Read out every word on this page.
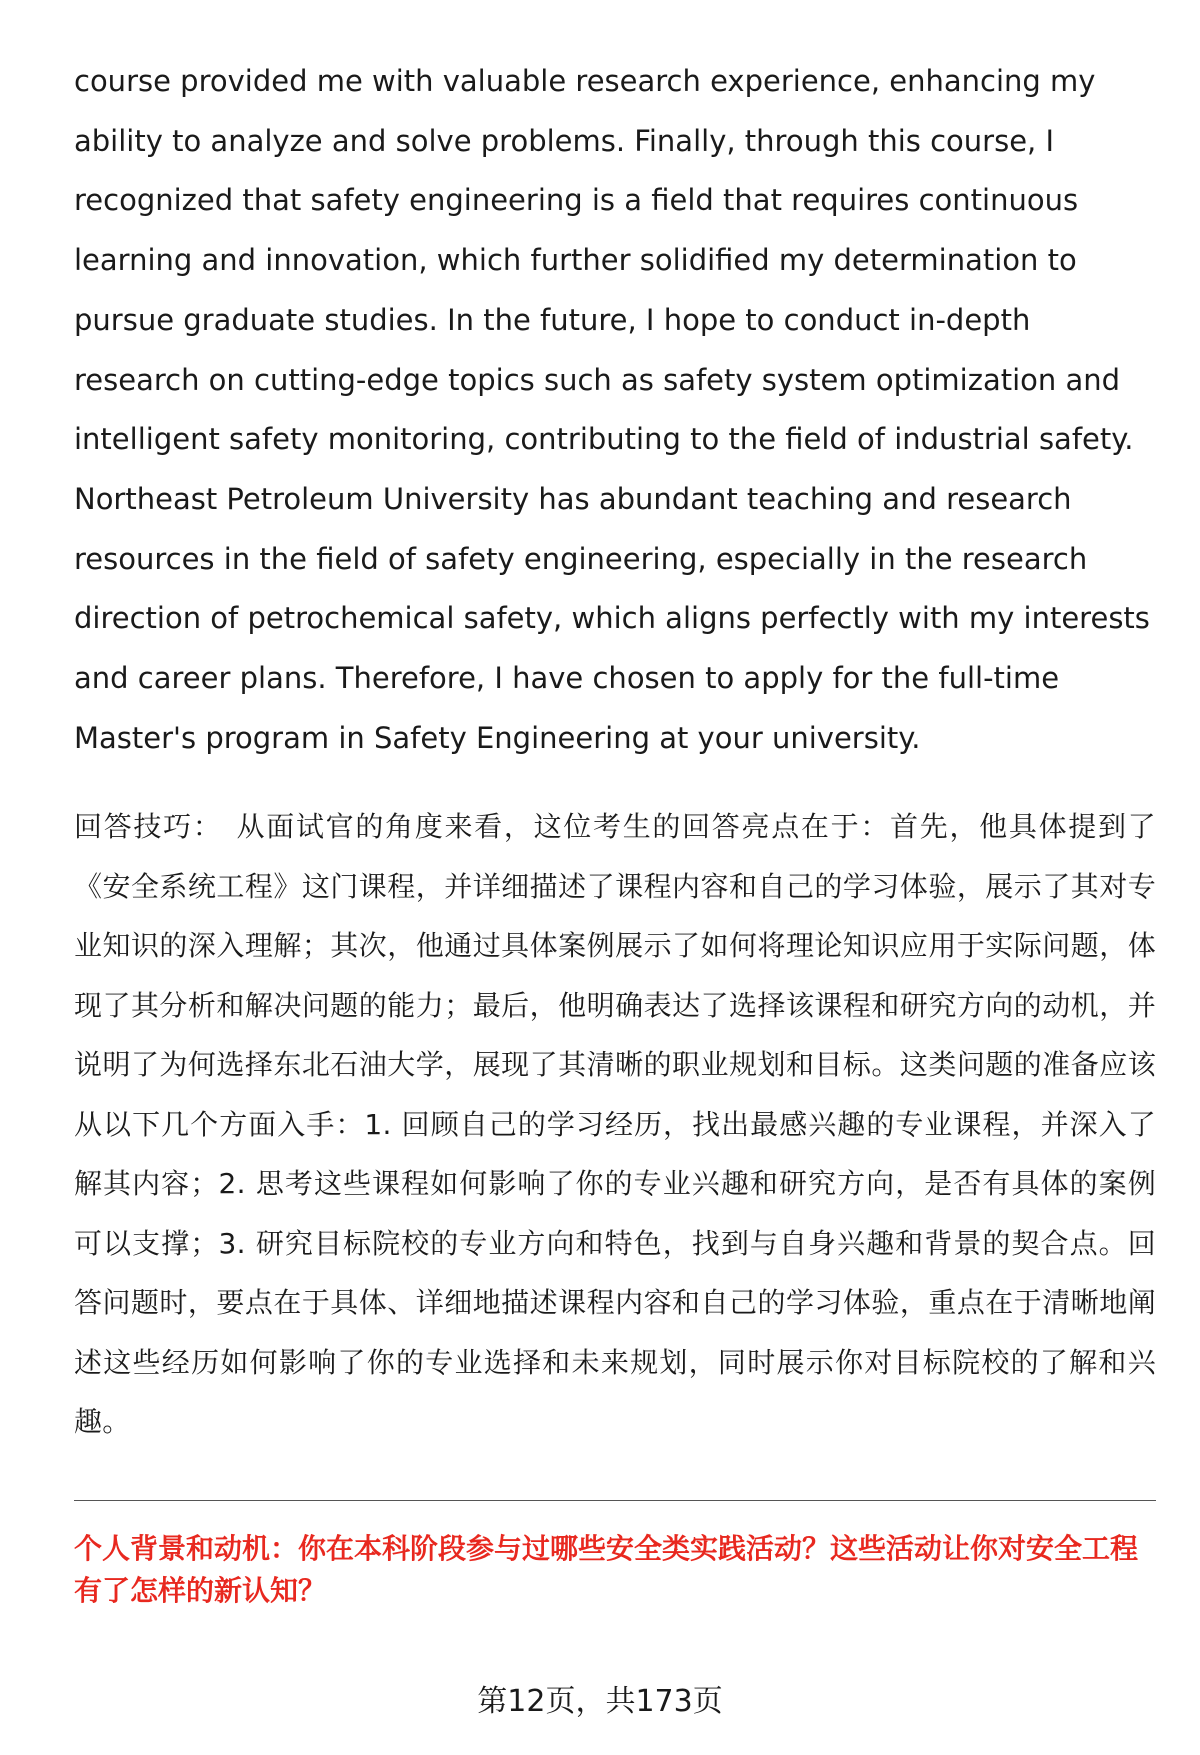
course provided me with valuable research experience, enhancing my ability to analyze and solve problems. Finally, through this course, I recognized that safety engineering is a field that requires continuous learning and innovation, which further solidified my determination to pursue graduate studies. In the future, I hope to conduct in-depth research on cutting-edge topics such as safety system optimization and intelligent safety monitoring, contributing to the field of industrial safety. Northeast Petroleum University has abundant teaching and research resources in the field of safety engineering, especially in the research direction of petrochemical safety, which aligns perfectly with my interests and career plans. Therefore, I have chosen to apply for the full-time Master's program in Safety Engineering at your university.

回答技巧： 从面试官的角度来看，这位考生的回答亮点在于：首先，他具体提到了《安全系统工程》这门课程，并详细描述了课程内容和自己的学习体验，展示了其对专业知识的深入理解；其次，他通过具体案例展示了如何将理论知识应用于实际问题，体现了其分析和解决问题的能力；最后，他明确表达了选择该课程和研究方向的动机，并说明了为何选择东北石油大学，展现了其清晰的职业规划和目标。这类问题的准备应该从以下几个方面入手：1. 回顾自己的学习经历，找出最感兴趣的专业课程，并深入了解其内容；2. 思考这些课程如何影响了你的专业兴趣和研究方向，是否有具体的案例可以支撑；3. 研究目标院校的专业方向和特色，找到与自身兴趣和背景的契合点。回答问题时，要点在于具体、详细地描述课程内容和自己的学习体验，重点在于清晰地阐述这些经历如何影响了你的专业选择和未来规划，同时展示你对目标院校的了解和兴趣。

个人背景和动机：你在本科阶段参与过哪些安全类实践活动？这些活动让你对安全工程有了怎样的新认知？

第12页，共173页
